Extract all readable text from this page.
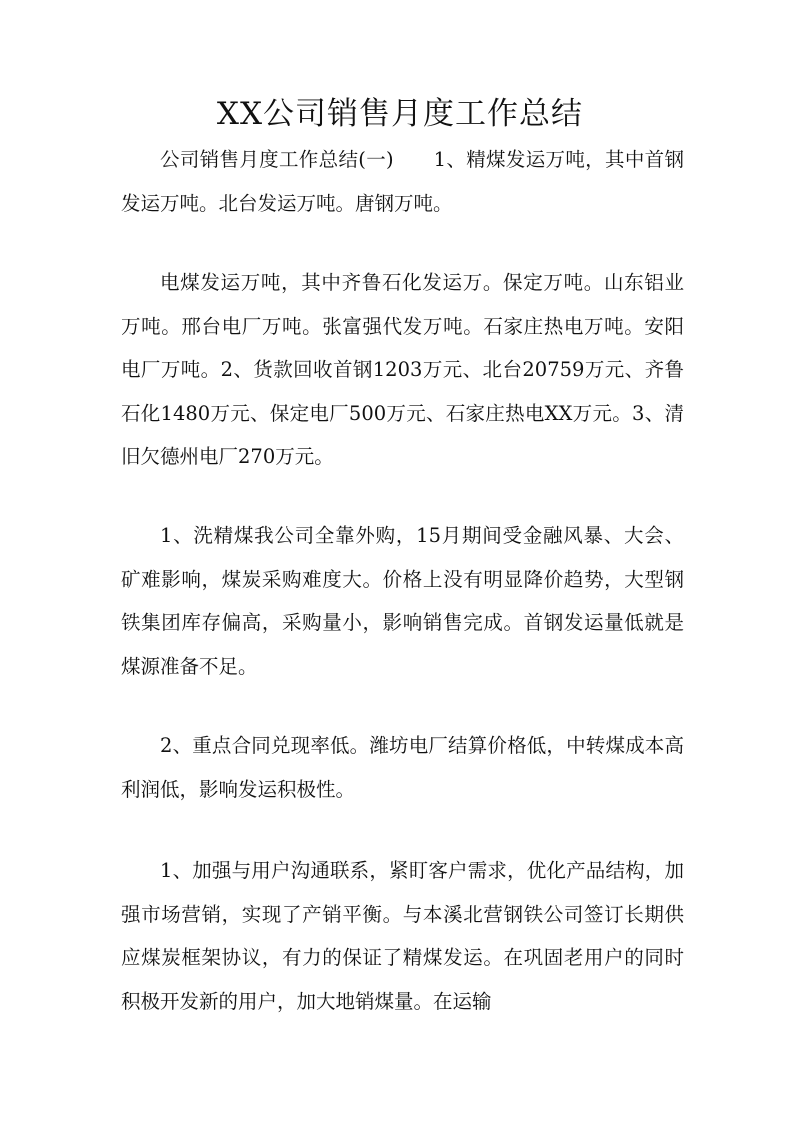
XX公司销售月度工作总结

公司销售月度工作总结(一)　　1、精煤发运万吨，其中首钢发运万吨。北台发运万吨。唐钢万吨。

电煤发运万吨，其中齐鲁石化发运万。保定万吨。山东铝业万吨。邢台电厂万吨。张富强代发万吨。石家庄热电万吨。安阳电厂万吨。2、货款回收首钢1203万元、北台20759万元、齐鲁石化1480万元、保定电厂500万元、石家庄热电XX万元。3、清旧欠德州电厂270万元。

1、洗精煤我公司全靠外购，15月期间受金融风暴、大会、矿难影响，煤炭采购难度大。价格上没有明显降价趋势，大型钢铁集团库存偏高，采购量小，影响销售完成。首钢发运量低就是煤源准备不足。

2、重点合同兑现率低。潍坊电厂结算价格低，中转煤成本高利润低，影响发运积极性。

1、加强与用户沟通联系，紧盯客户需求，优化产品结构，加强市场营销，实现了产销平衡。与本溪北营钢铁公司签订长期供应煤炭框架协议，有力的保证了精煤发运。在巩固老用户的同时积极开发新的用户，加大地销煤量。在运输
